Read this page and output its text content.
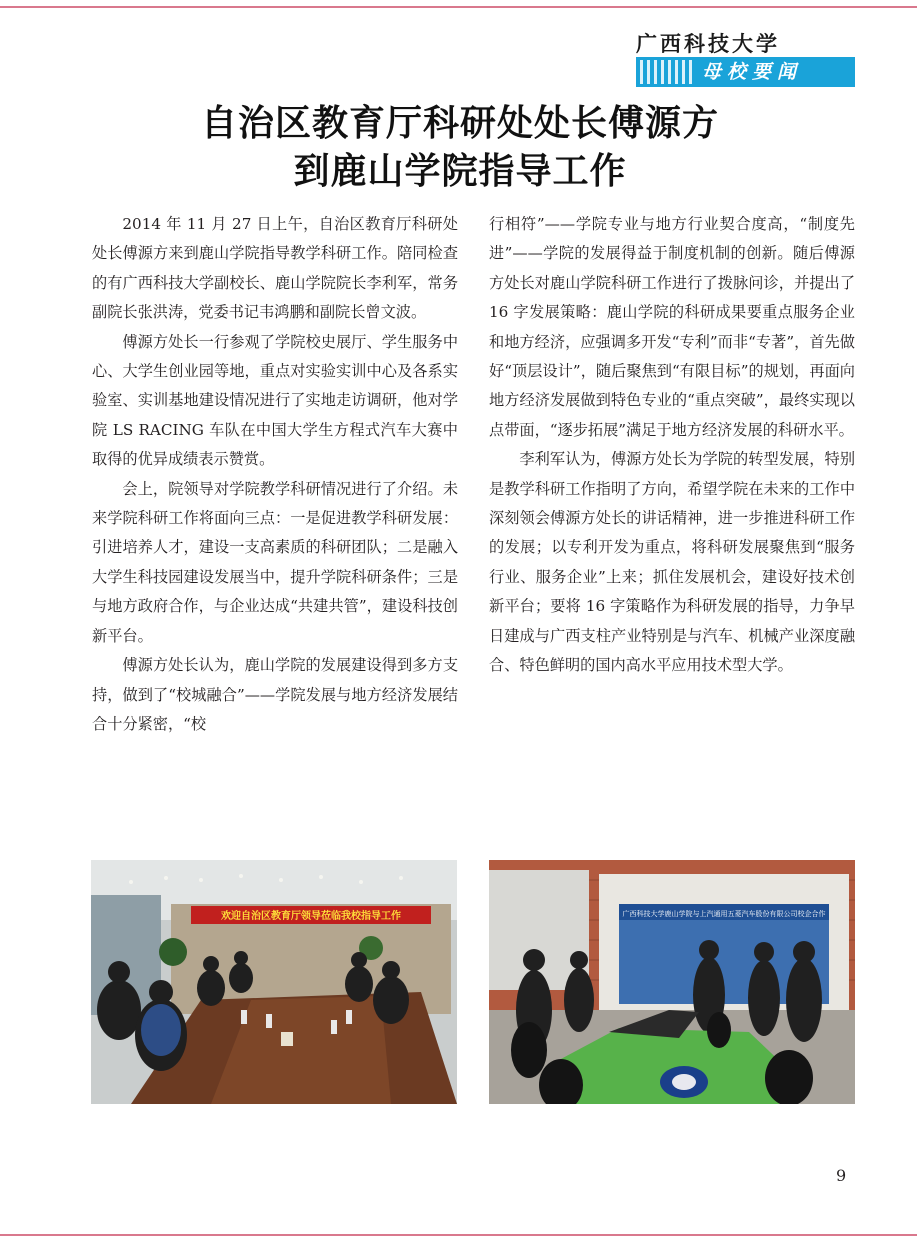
广西科技大学
母校要闻
自治区教育厅科研处处长傅源方
到鹿山学院指导工作

2014 年 11 月 27 日上午，自治区教育厅科研处处长傅源方来到鹿山学院指导教学科研工作。陪同检查的有广西科技大学副校长、鹿山学院院长李利军，常务副院长张洪涛，党委书记韦鸿鹏和副院长曾文波。

傅源方处长一行参观了学院校史展厅、学生服务中心、大学生创业园等地，重点对实验实训中心及各系实验室、实训基地建设情况进行了实地走访调研，他对学院 LS RACING 车队在中国大学生方程式汽车大赛中取得的优异成绩表示赞赏。

会上，院领导对学院教学科研情况进行了介绍。未来学院科研工作将面向三点：一是促进教学科研发展：引进培养人才，建设一支高素质的科研团队；二是融入大学生科技园建设发展当中，提升学院科研条件；三是与地方政府合作，与企业达成“共建共管”，建设科技创新平台。

傅源方处长认为，鹿山学院的发展建设得到多方支持，做到了“校城融合”——学院发展与地方经济发展结合十分紧密，“校

行相符”——学院专业与地方行业契合度高，“制度先进”——学院的发展得益于制度机制的创新。随后傅源方处长对鹿山学院科研工作进行了拨脉问诊，并提出了 16 字发展策略：鹿山学院的科研成果要重点服务企业和地方经济，应强调多开发“专利”而非“专著”，首先做好“顶层设计”，随后聚焦到“有限目标”的规划，再面向地方经济发展做到特色专业的“重点突破”，最终实现以点带面，“逐步拓展”满足于地方经济发展的科研水平。

李利军认为，傅源方处长为学院的转型发展，特别是教学科研工作指明了方向，希望学院在未来的工作中深刻领会傅源方处长的讲话精神，进一步推进科研工作的发展；以专利开发为重点，将科研发展聚焦到“服务行业、服务企业”上来；抓住发展机会，建设好技术创新平台；要将 16 字策略作为科研发展的指导，力争早日建成与广西支柱产业特别是与汽车、机械产业深度融合、特色鲜明的国内高水平应用技术型大学。

欢迎自治区教育厅领导莅临我校指导工作	广西科技大学鹿山学院与上汽通用五菱汽车股份有限公司校企合作
9
